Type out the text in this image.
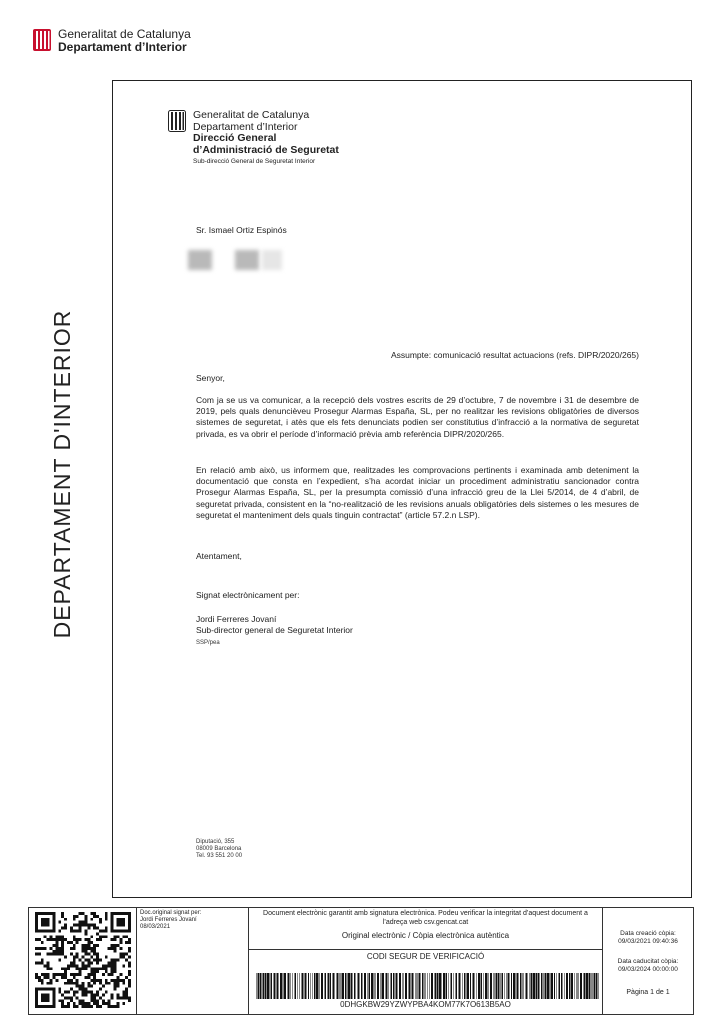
Generalitat de Catalunya
Departament d’Interior
DEPARTAMENT D'INTERIOR
Generalitat de Catalunya
Departament d’Interior
Direcció General
d’Administració de Seguretat
Sub-direcció General de Seguretat Interior
Sr. Ismael Ortiz Espinós
Assumpte: comunicació resultat actuacions (refs. DIPR/2020/265)
Senyor,
Com ja se us va comunicar, a la recepció dels vostres escrits de 29 d’octubre, 7 de novembre i 31 de desembre de 2019, pels quals denuncièveu Prosegur Alarmas España, SL, per no realitzar les revisions obligatòries de diversos sistemes de seguretat, i atès que els fets denunciats podien ser constitutius d’infracció a la normativa de seguretat privada, es va obrir el període d’informació prèvia amb referència DIPR/2020/265.
En relació amb això, us informem que, realitzades les comprovacions pertinents i examinada amb deteniment la documentació que consta en l’expedient, s’ha acordat iniciar un procediment administratiu sancionador contra Prosegur Alarmas España, SL, per la presumpta comissió d’una infracció greu de la Llei 5/2014, de 4 d’abril, de seguretat privada, consistent en la “no-realització de les revisions anuals obligatòries dels sistemes o les mesures de seguretat el manteniment dels quals tinguin contractat” (article 57.2.n LSP).
Atentament,
Signat electrònicament per:
Jordi Ferreres Jovaní
Sub-director general de Seguretat Interior
SSP/pea
Diputació, 355
08009 Barcelona
Tel. 93 551 20 00
Doc.original signat per:
Jordi Ferreres Jovaní
08/03/2021
Document electrònic garantit amb signatura electrònica. Podeu verificar la integritat d’aquest document a l’adreça web csv.gencat.cat
Original electrònic / Còpia electrònica autèntica
CODI SEGUR DE VERIFICACIÓ
0DHGKBW29YZWYPBA4KOM77K7O613B5AO
Data creació còpia:
09/03/2021 09:40:36
Data caducitat còpia:
09/03/2024 00:00:00
Pàgina 1 de 1
